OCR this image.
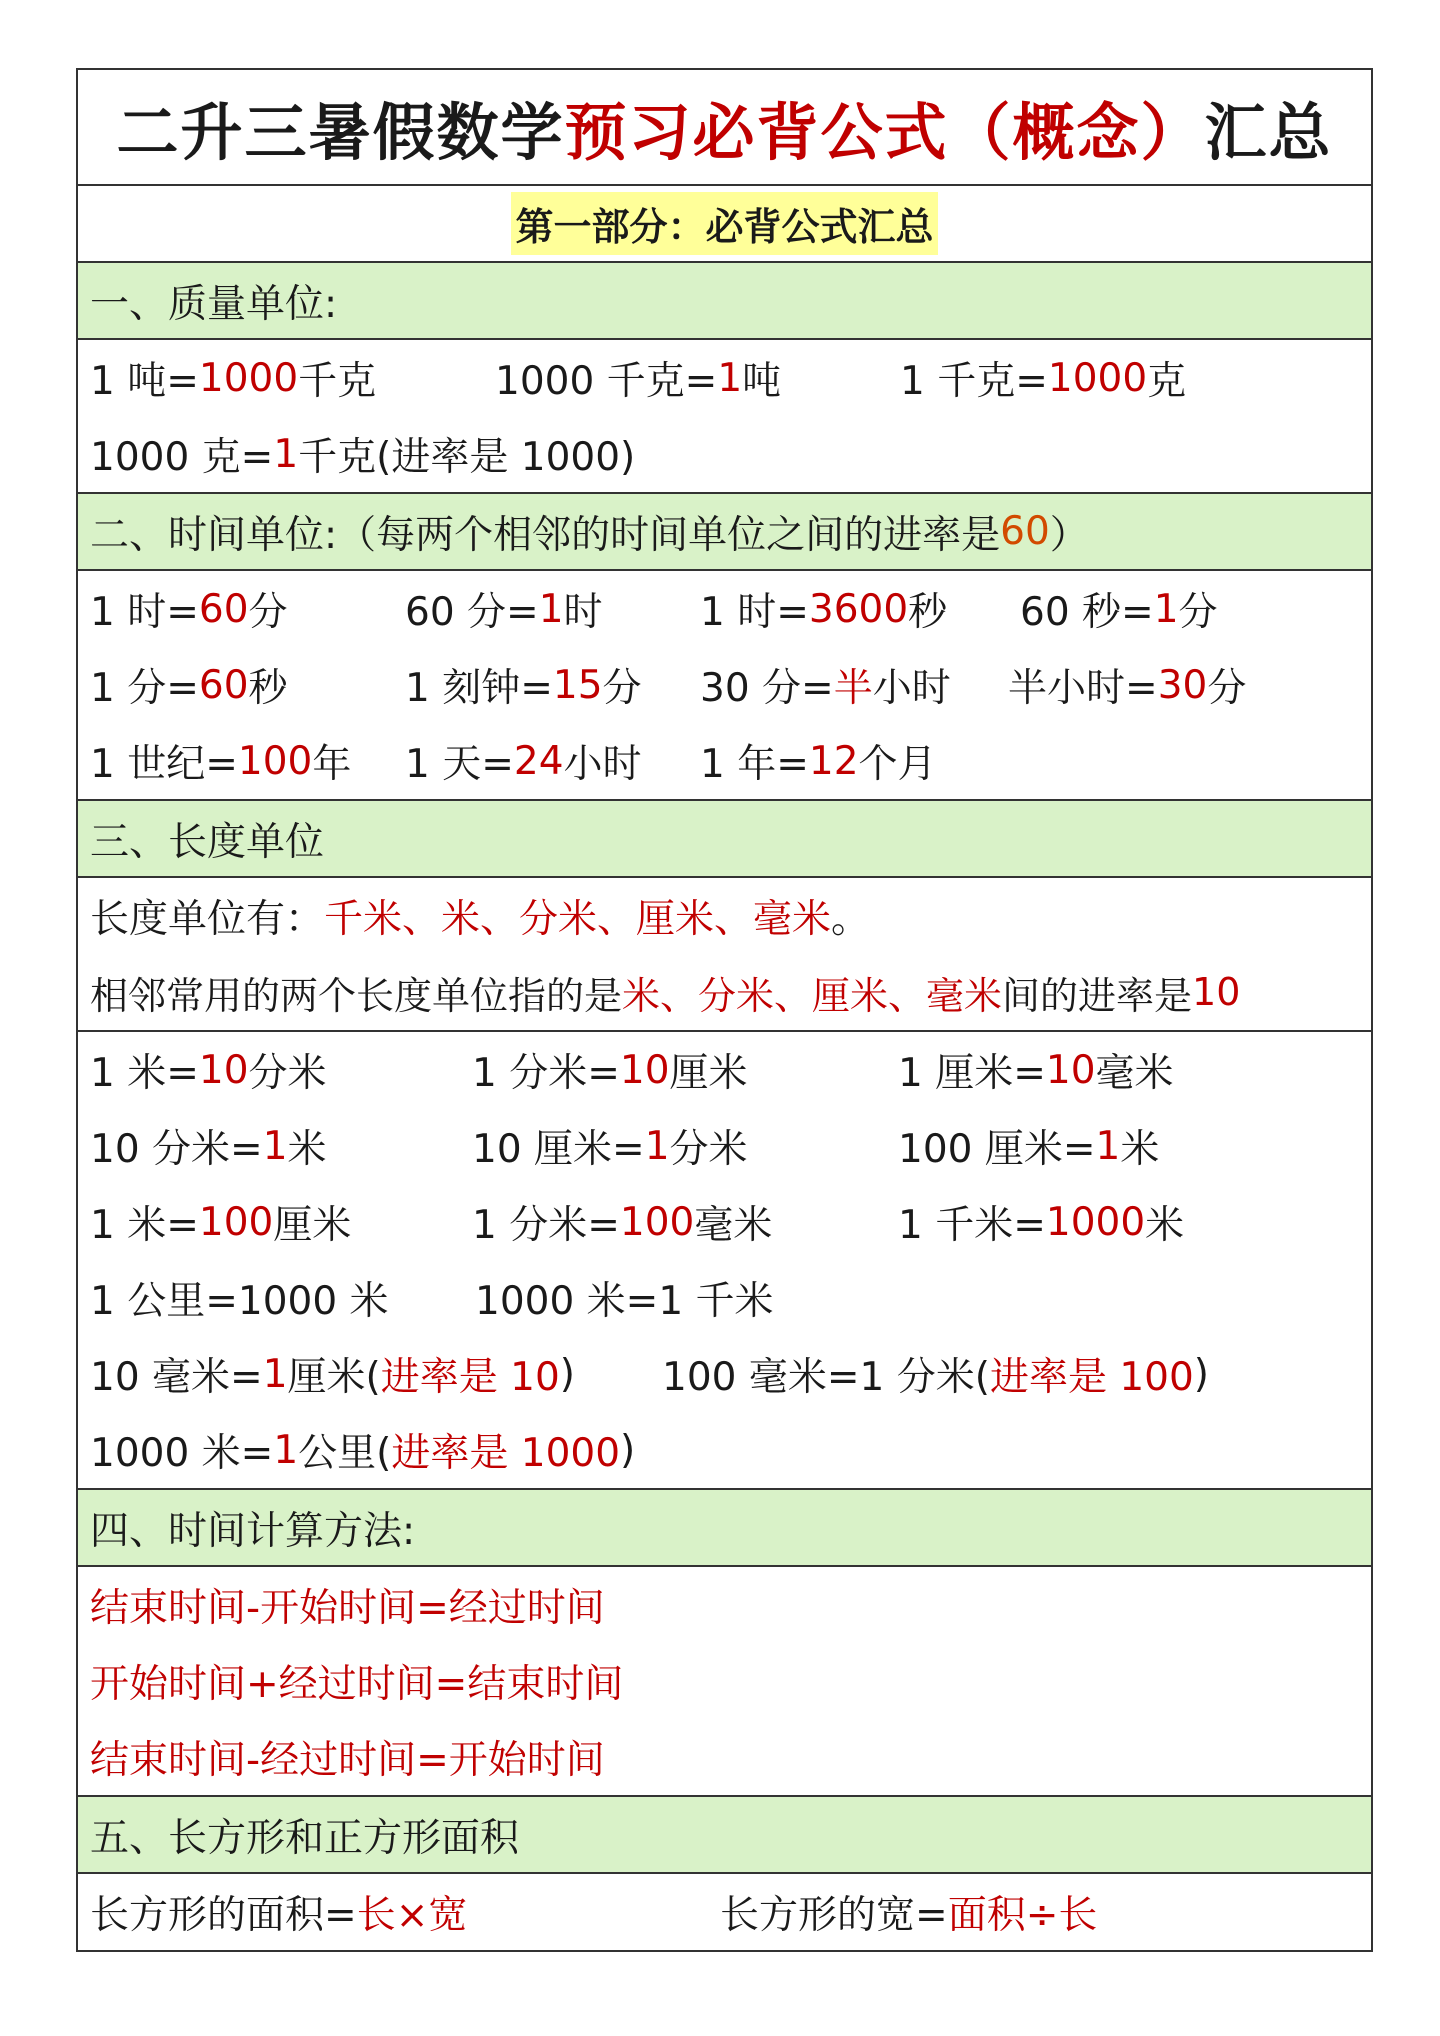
二升三暑假数学 预习必背公式（概念） 汇总
第一部分：必背公式汇总
一、质量单位:
1 吨= 1000 千克	1000 千克= 1 吨	1 千克= 1000 克
1000 克= 1 千克(进率是 1000)
二、时间单位:（每两个相邻的时间单位之间的进率是 60 ）
1 时= 60 分	60 分= 1 时 1 时= 3600 秒 60 秒= 1 分
1 分= 60 秒	1 刻钟= 15 分 30 分= 半 小时 半小时= 30 分
1 世纪= 100 年 1 天= 24 小时 1 年= 12 个月
三、长度单位
长度单位有： 千米、米、分米、厘米、毫米 。
相邻常用的两个长度单位指的是 米、分米、厘米、毫米 间的进率是 10
1 米= 10 分米	1 分米= 10 厘米	1 厘米= 10 毫米
10 分米= 1 米	10 厘米= 1 分米	100 厘米= 1 米
1 米= 100 厘米	1 分米= 100 毫米	1 千米= 1000 米
1 公里=1000 米 1000 米=1 千米
10 毫米= 1 厘米( 进率是 10 ) 100 毫米=1 分米( 进率是 100 )
1000 米= 1 公里( 进率是 1000 )
四、时间计算方法:
结束时间-开始时间=经过时间
开始时间+经过时间=结束时间
结束时间-经过时间=开始时间
五、长方形和正方形面积
长方形的面积= 长×宽	长方形的宽= 面积÷长
